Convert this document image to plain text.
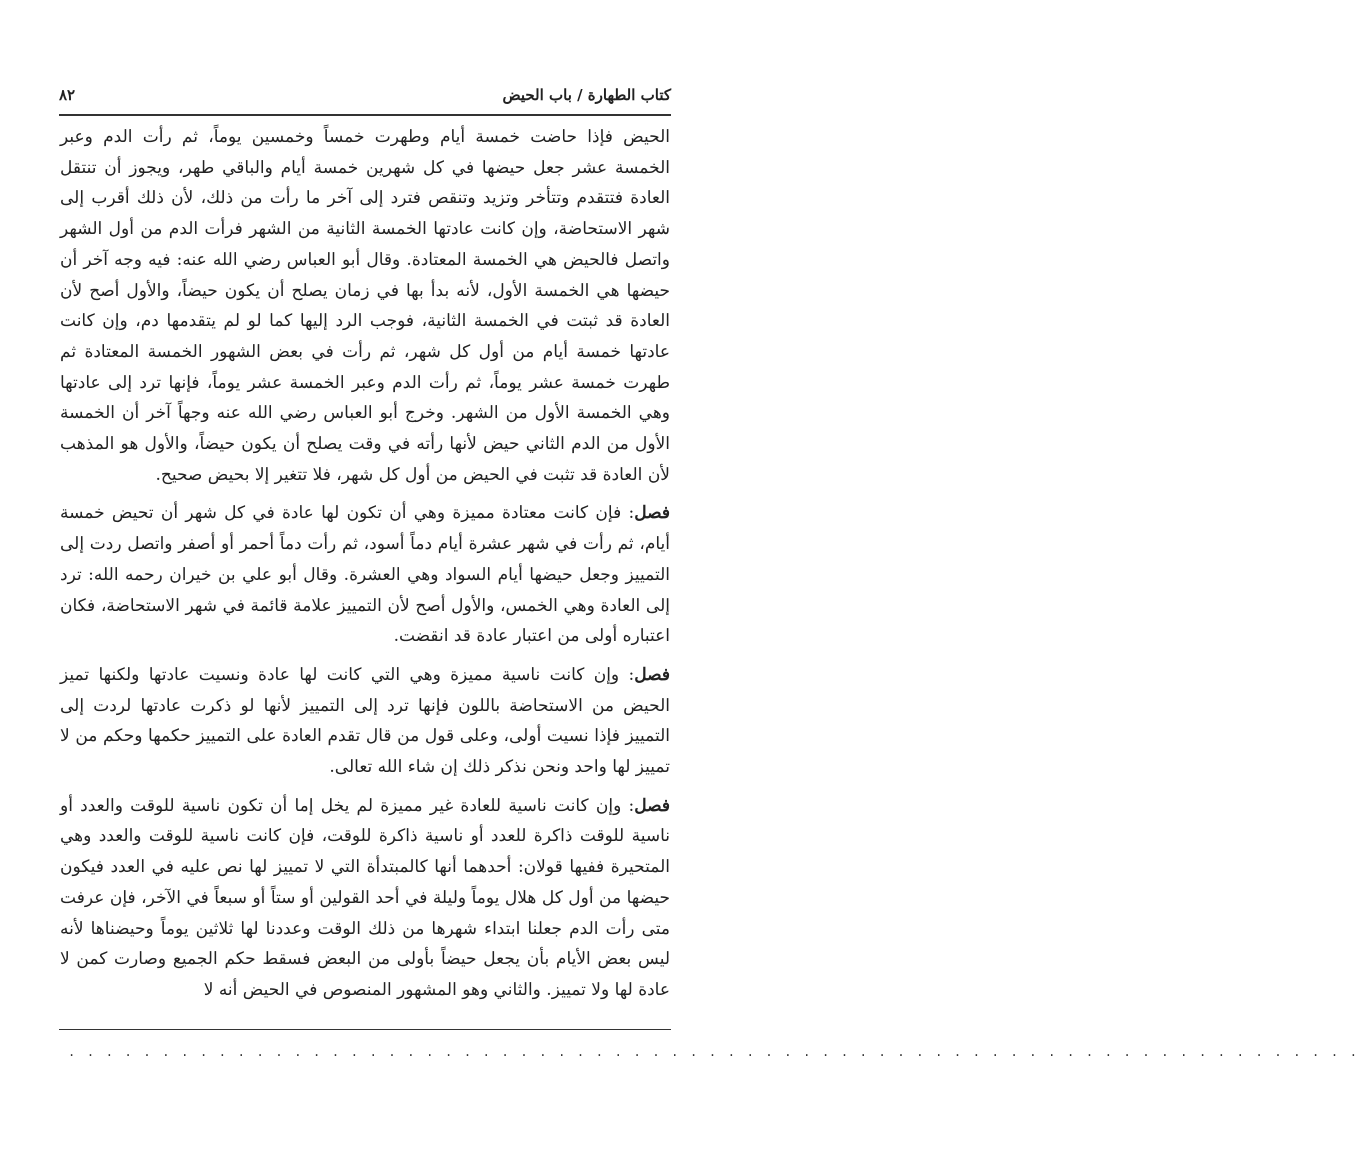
كتاب الطهارة / باب الحيض
٨٢

الحيض فإذا حاضت خمسة أيام وطهرت خمساً وخمسين يوماً، ثم رأت الدم وعبر الخمسة عشر جعل حيضها في كل شهرين خمسة أيام والباقي طهر، ويجوز أن تنتقل العادة فتتقدم وتتأخر وتزيد وتنقص فترد إلى آخر ما رأت من ذلك، لأن ذلك أقرب إلى شهر الاستحاضة، وإن كانت عادتها الخمسة الثانية من الشهر فرأت الدم من أول الشهر واتصل فالحيض هي الخمسة المعتادة. وقال أبو العباس رضي الله عنه: فيه وجه آخر أن حيضها هي الخمسة الأول، لأنه بدأ بها في زمان يصلح أن يكون حيضاً، والأول أصح لأن العادة قد ثبتت في الخمسة الثانية، فوجب الرد إليها كما لو لم يتقدمها دم، وإن كانت عادتها خمسة أيام من أول كل شهر، ثم رأت في بعض الشهور الخمسة المعتادة ثم طهرت خمسة عشر يوماً، ثم رأت الدم وعبر الخمسة عشر يوماً، فإنها ترد إلى عادتها وهي الخمسة الأول من الشهر. وخرج أبو العباس رضي الله عنه وجهاً آخر أن الخمسة الأول من الدم الثاني حيض لأنها رأته في وقت يصلح أن يكون حيضاً، والأول هو المذهب لأن العادة قد تثبت في الحيض من أول كل شهر، فلا تتغير إلا بحيض صحيح.

فصل: فإن كانت معتادة مميزة وهي أن تكون لها عادة في كل شهر أن تحيض خمسة أيام، ثم رأت في شهر عشرة أيام دماً أسود، ثم رأت دماً أحمر أو أصفر واتصل ردت إلى التمييز وجعل حيضها أيام السواد وهي العشرة. وقال أبو علي بن خيران رحمه الله: ترد إلى العادة وهي الخمس، والأول أصح لأن التمييز علامة قائمة في شهر الاستحاضة، فكان اعتباره أولى من اعتبار عادة قد انقضت.

فصل: وإن كانت ناسية مميزة وهي التي كانت لها عادة ونسيت عادتها ولكنها تميز الحيض من الاستحاضة باللون فإنها ترد إلى التمييز لأنها لو ذكرت عادتها لردت إلى التمييز فإذا نسيت أولى، وعلى قول من قال تقدم العادة على التمييز حكمها وحكم من لا تمييز لها واحد ونحن نذكر ذلك إن شاء الله تعالى.

فصل: وإن كانت ناسية للعادة غير مميزة لم يخل إما أن تكون ناسية للوقت والعدد أو ناسية للوقت ذاكرة للعدد أو ناسية ذاكرة للوقت، فإن كانت ناسية للوقت والعدد وهي المتحيرة ففيها قولان: أحدهما أنها كالمبتدأة التي لا تمييز لها نص عليه في العدد فيكون حيضها من أول كل هلال يوماً وليلة في أحد القولين أو ستاً أو سبعاً في الآخر، فإن عرفت متى رأت الدم جعلنا ابتداء شهرها من ذلك الوقت وعددنا لها ثلاثين يوماً وحيضناها لأنه ليس بعض الأيام بأن يجعل حيضاً بأولى من البعض فسقط حكم الجميع وصارت كمن لا عادة لها ولا تمييز. والثاني وهو المشهور المنصوص في الحيض أنه لا

. . . . . . . . . . . . . . . . . . . . . . . . . . . . . . . . . . . . . . . . . . . . . . . . . . . . . . . . . . . . . . . . . . . . .
